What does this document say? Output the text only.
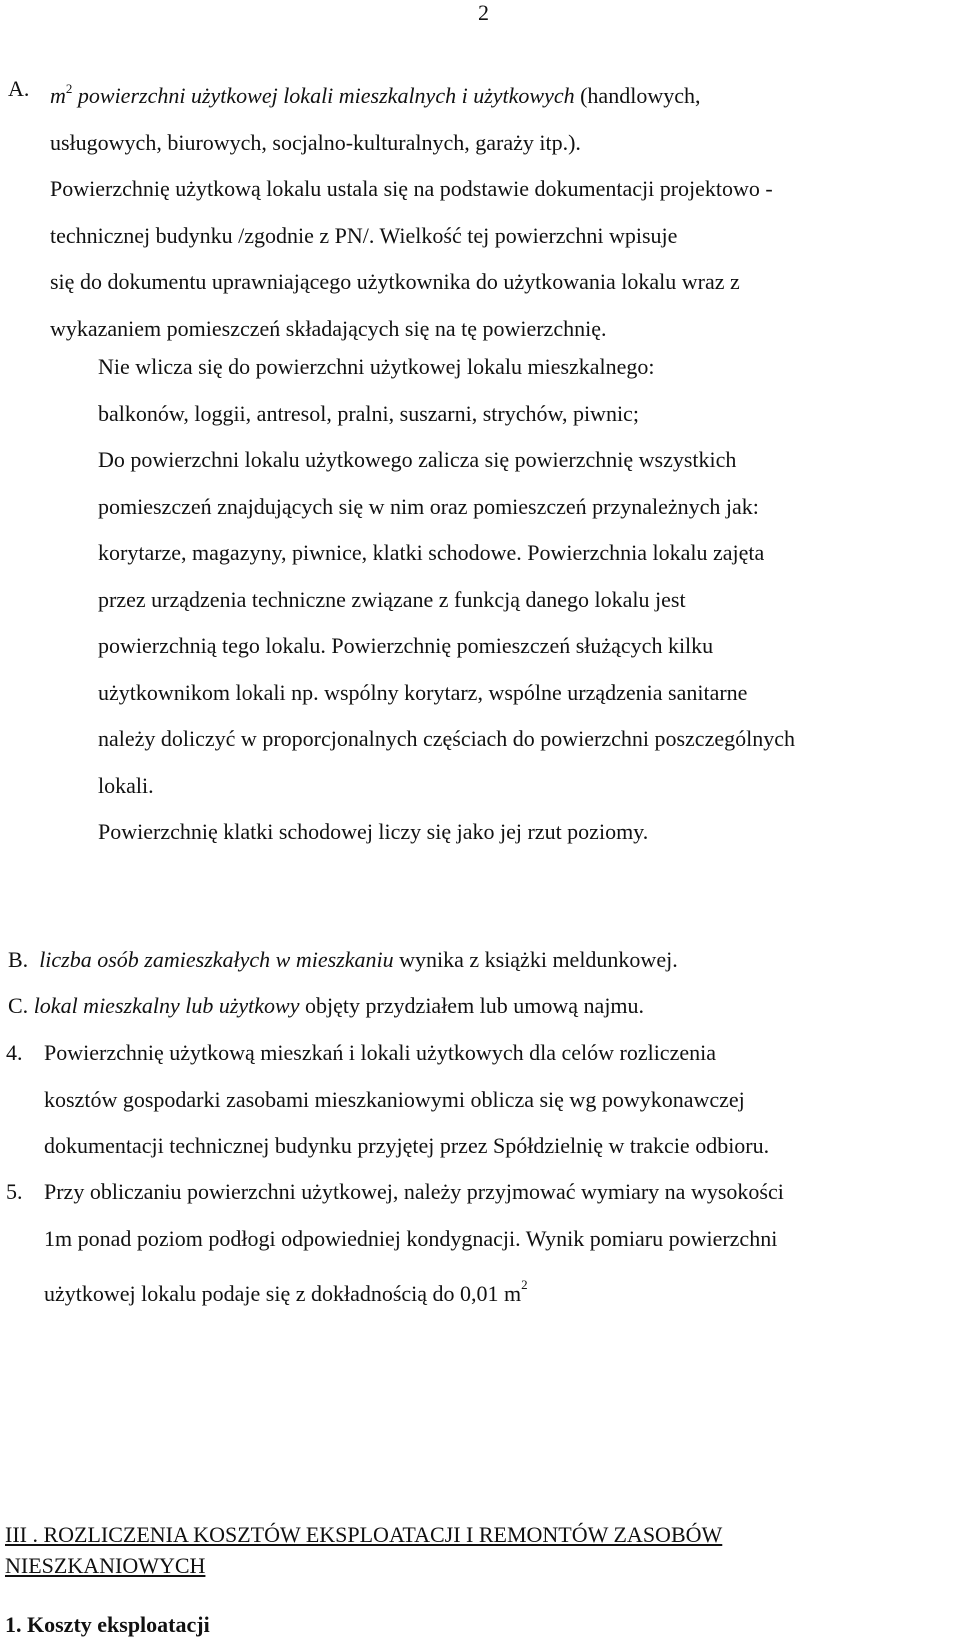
2
A. $m^2$ powierzchni użytkowej lokali mieszkalnych i użytkowych (handlowych,
usługowych, biurowych, socjalno-kulturalnych, garaży itp.).
Powierzchnię użytkową lokalu ustala się na podstawie dokumentacji projektowo -
technicznej budynku /zgodnie z PN/. Wielkość tej powierzchni wpisuje
się do dokumentu uprawniającego użytkownika do użytkowania lokalu wraz z
wykazaniem pomieszczeń składających się na tę powierzchnię.
Nie wlicza się do powierzchni użytkowej lokalu mieszkalnego:
balkonów, loggii, antresol, pralni, suszarni, strychów, piwnic;
Do powierzchni lokalu użytkowego zalicza się powierzchnię wszystkich
pomieszczeń znajdujących się w nim oraz pomieszczeń przynależnych jak:
korytarze, magazyny, piwnice, klatki schodowe. Powierzchnia lokalu zajęta
przez urządzenia techniczne związane z funkcją danego lokalu jest
powierzchnią tego lokalu. Powierzchnię pomieszczeń służących kilku
użytkownikom lokali np. wspólny korytarz, wspólne urządzenia sanitarne
należy doliczyć w proporcjonalnych częściach do powierzchni poszczególnych
lokali.
Powierzchnię klatki schodowej liczy się jako jej rzut poziomy.
B. liczba osób zamieszkałych w mieszkaniu wynika z książki meldunkowej.
C. lokal mieszkalny lub użytkowy objęty przydziałem lub umową najmu.
4. Powierzchnię użytkową mieszkań i lokali użytkowych dla celów rozliczenia
kosztów gospodarki zasobami mieszkaniowymi oblicza się wg powykonawczej
dokumentacji technicznej budynku przyjętej przez Spółdzielnię w trakcie odbioru.
5. Przy obliczaniu powierzchni użytkowej, należy przyjmować wymiary na wysokości
1m ponad poziom podłogi odpowiedniej kondygnacji. Wynik pomiaru powierzchni
użytkowej lokalu podaje się z dokładnością do 0,01 $m^2$
III . ROZLICZENIA KOSZTÓW EKSPLOATACJI I REMONTÓW ZASOBÓW
NIESZKANIOWYCH
1. Koszty eksploatacji
